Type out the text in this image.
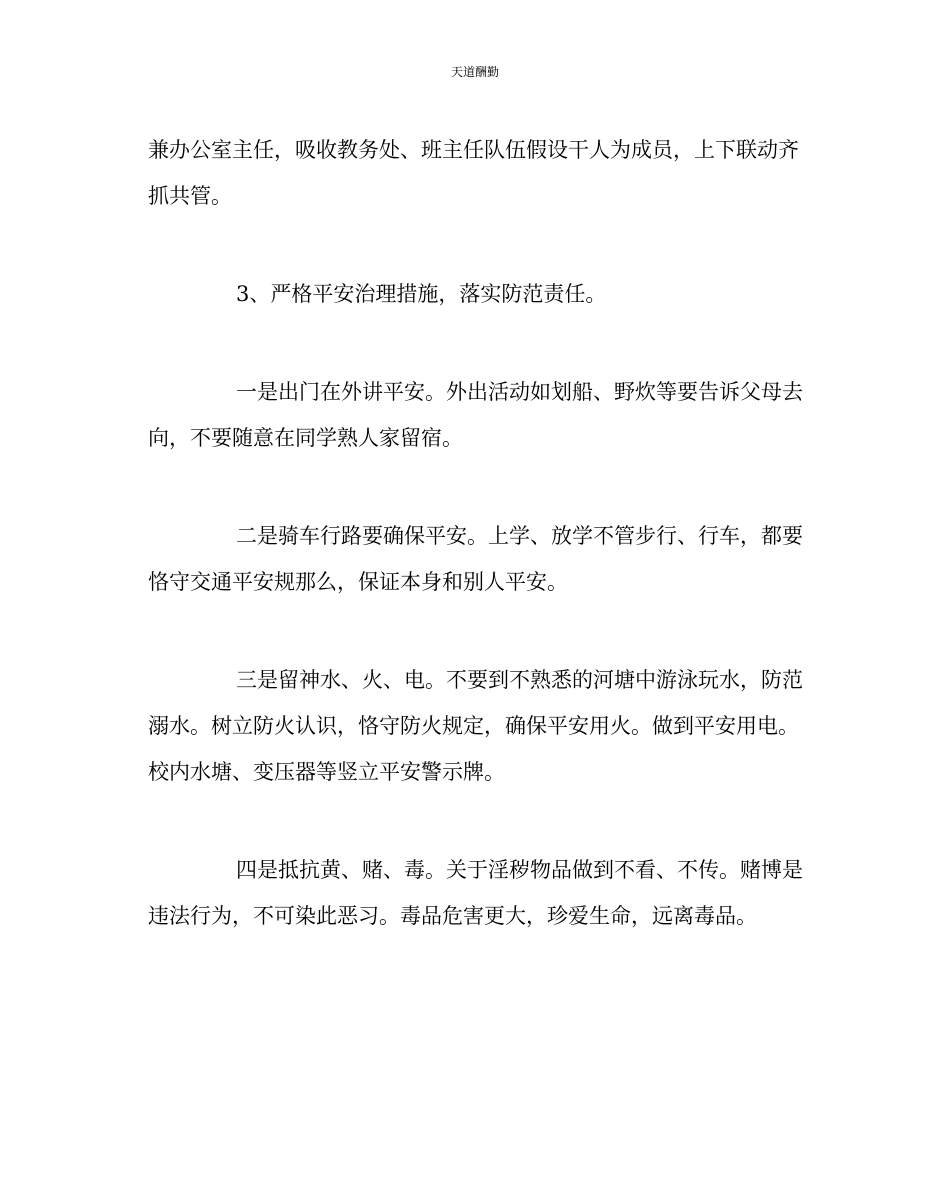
天道酬勤

兼办公室主任，吸收教务处、班主任队伍假设干人为成员，上下联动齐抓共管。

3、严格平安治理措施，落实防范责任。

一是出门在外讲平安。外出活动如划船、野炊等要告诉父母去向，不要随意在同学熟人家留宿。

二是骑车行路要确保平安。上学、放学不管步行、行车，都要恪守交通平安规那么，保证本身和别人平安。

三是留神水、火、电。不要到不熟悉的河塘中游泳玩水，防范溺水。树立防火认识，恪守防火规定，确保平安用火。做到平安用电。校内水塘、变压器等竖立平安警示牌。

四是抵抗黄、赌、毒。关于淫秽物品做到不看、不传。赌博是违法行为，不可染此恶习。毒品危害更大，珍爱生命，远离毒品。
